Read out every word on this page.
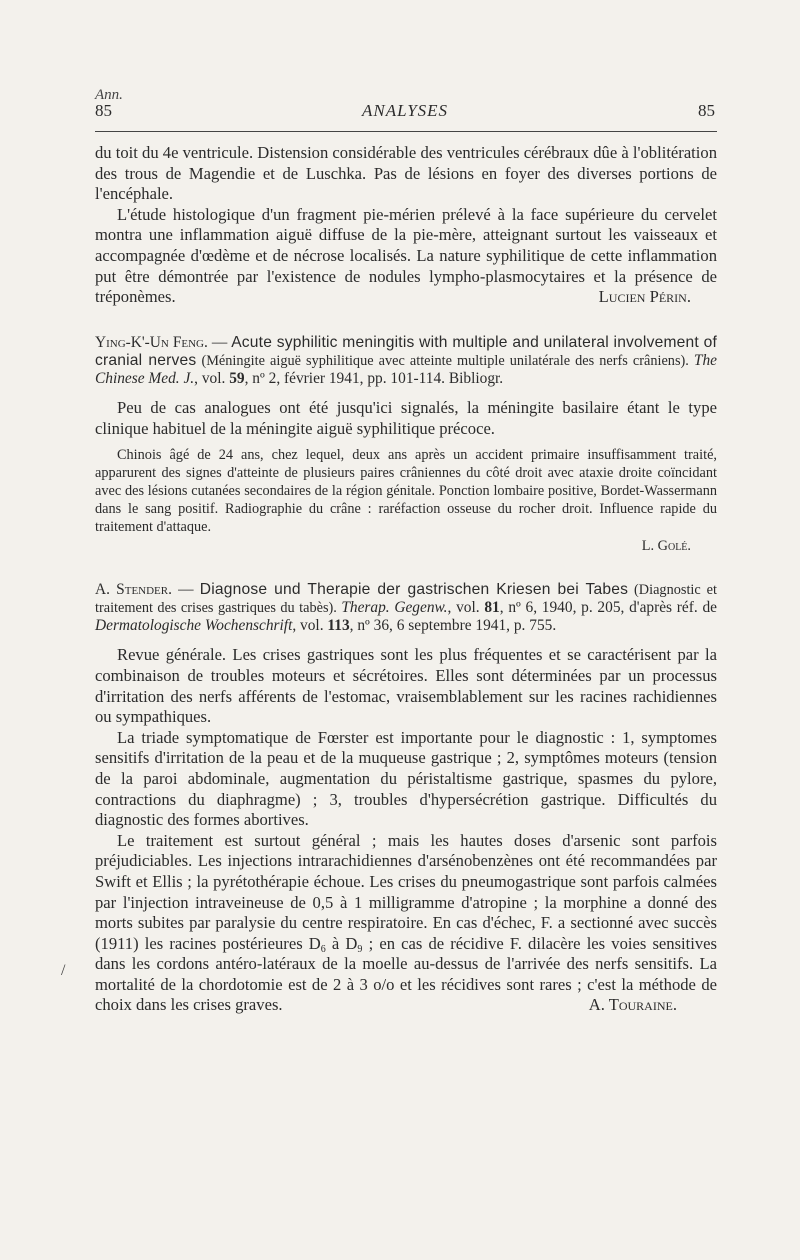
Ann.
85	ANALYSES	85
/

du toit du 4e ventricule. Distension considérable des ventricules cérébraux dûe à l'oblitération des trous de Magendie et de Luschka. Pas de lésions en foyer des diverses portions de l'encéphale.

L'étude histologique d'un fragment pie-mérien prélevé à la face supérieure du cervelet montra une inflammation aiguë diffuse de la pie-mère, atteignant surtout les vaisseaux et accompagnée d'œdème et de nécrose localisés. La nature syphilitique de cette inflammation put être démontrée par l'existence de nodules lympho-plasmocytaires et la présence de tréponèmes.	Lucien Périn.

Ying-K'-Un Feng. — Acute syphilitic meningitis with multiple and unilateral involvement of cranial nerves (Méningite aiguë syphilitique avec atteinte multiple unilatérale des nerfs crâniens). The Chinese Med. J., vol. 59, nº 2, février 1941, pp. 101-114. Bibliogr.

Peu de cas analogues ont été jusqu'ici signalés, la méningite basilaire étant le type clinique habituel de la méningite aiguë syphilitique précoce.

Chinois âgé de 24 ans, chez lequel, deux ans après un accident primaire insuffisamment traité, apparurent des signes d'atteinte de plusieurs paires crâniennes du côté droit avec ataxie droite coïncidant avec des lésions cutanées secondaires de la région génitale. Ponction lombaire positive, Bordet-Wassermann dans le sang positif. Radiographie du crâne : raréfaction osseuse du rocher droit. Influence rapide du traitement d'attaque.

L. Golé.

A. Stender. — Diagnose und Therapie der gastrischen Kriesen bei Tabes (Diagnostic et traitement des crises gastriques du tabès). Therap. Gegenw., vol. 81, nº 6, 1940, p. 205, d'après réf. de Dermatologische Wochenschrift, vol. 113, nº 36, 6 septembre 1941, p. 755.

Revue générale. Les crises gastriques sont les plus fréquentes et se caractérisent par la combinaison de troubles moteurs et sécrétoires. Elles sont déterminées par un processus d'irritation des nerfs afférents de l'estomac, vraisemblablement sur les racines rachidiennes ou sympathiques.

La triade symptomatique de Fœrster est importante pour le diagnostic : 1, symptomes sensitifs d'irritation de la peau et de la muqueuse gastrique ; 2, symptômes moteurs (tension de la paroi abdominale, augmentation du péristaltisme gastrique, spasmes du pylore, contractions du diaphragme) ; 3, troubles d'hypersécrétion gastrique. Difficultés du diagnostic des formes abortives.

Le traitement est surtout général ; mais les hautes doses d'arsenic sont parfois préjudiciables. Les injections intrarachidiennes d'arsénobenzènes ont été recommandées par Swift et Ellis ; la pyrétothérapie échoue. Les crises du pneumogastrique sont parfois calmées par l'injection intraveineuse de 0,5 à 1 milligramme d'atropine ; la morphine a donné des morts subites par paralysie du centre respiratoire. En cas d'échec, F. a sectionné avec succès (1911) les racines postérieures $D_6$ à $D_9$ ; en cas de récidive F. dilacère les voies sensitives dans les cordons antéro-latéraux de la moelle au-dessus de l'arrivée des nerfs sensitifs. La mortalité de la chordotomie est de 2 à 3 o/o et les récidives sont rares ; c'est la méthode de choix dans les crises graves.	A. Touraine.
